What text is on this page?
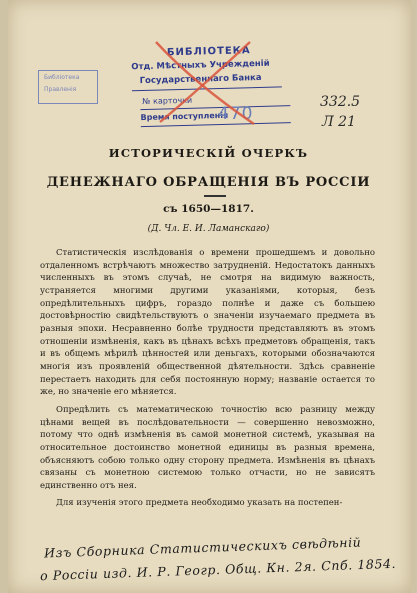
Библіотека
Правленія
БИБЛІОТЕКА
Отд. Мѣстныхъ Учрежденій
Государственнаго Банка
№ карточки
Время поступленія
470
332.5
Л 21
ИСТОРИЧЕСКІЙ ОЧЕРКЪ
ДЕНЕЖНАГО ОБРАЩЕНІЯ ВЪ РОССІИ
съ 1650—1817.
(Д. Чл. Е. И. Ламанскаго)

Статистическія изслѣдованія о времени прошедшемъ и довольно отдаленномъ встрѣчаютъ множество затрудненій. Недостатокъ данныхъ численныхъ въ этомъ случаѣ, не смотря на видимую важность, устраняется многими другими указаніями, которыя, безъ опредѣлительныхъ цифръ, гораздо полнѣе и даже съ большею достовѣрностію свидѣтельствуютъ о значеніи изучаемаго предмета въ разныя эпохи. Несравненно болѣе трудности представляютъ въ этомъ отношеніи измѣненія, какъ въ цѣнахъ всѣхъ предметовъ обращенія, такъ и въ общемъ мѣрилѣ цѣнностей или деньгахъ, которыми обозначаются многія изъ проявленій общественной дѣятельности. Здѣсь сравненіе перестаетъ находить для себя постоянную норму; названіе остается то же, но значеніе его мѣняется.

Опредѣлить съ математическою точностію всю разницу между цѣнами вещей въ послѣдовательности — совершенно невозможно, потому что однѣ измѣненія въ самой монетной системѣ, указывая на относительное достоинство монетной единицы въ разныя времена, объясняютъ собою только одну сторону предмета. Измѣненія въ цѣнахъ связаны съ монетною системою только отчасти, но не зависятъ единственно отъ нея.

Для изученія этого предмета необходимо указать на постепен-

Изъ Сборника Статистическихъ свѣдѣній
о Россіи изд. И. Р. Геогр. Общ. Кн. 2я. Спб. 1854.
